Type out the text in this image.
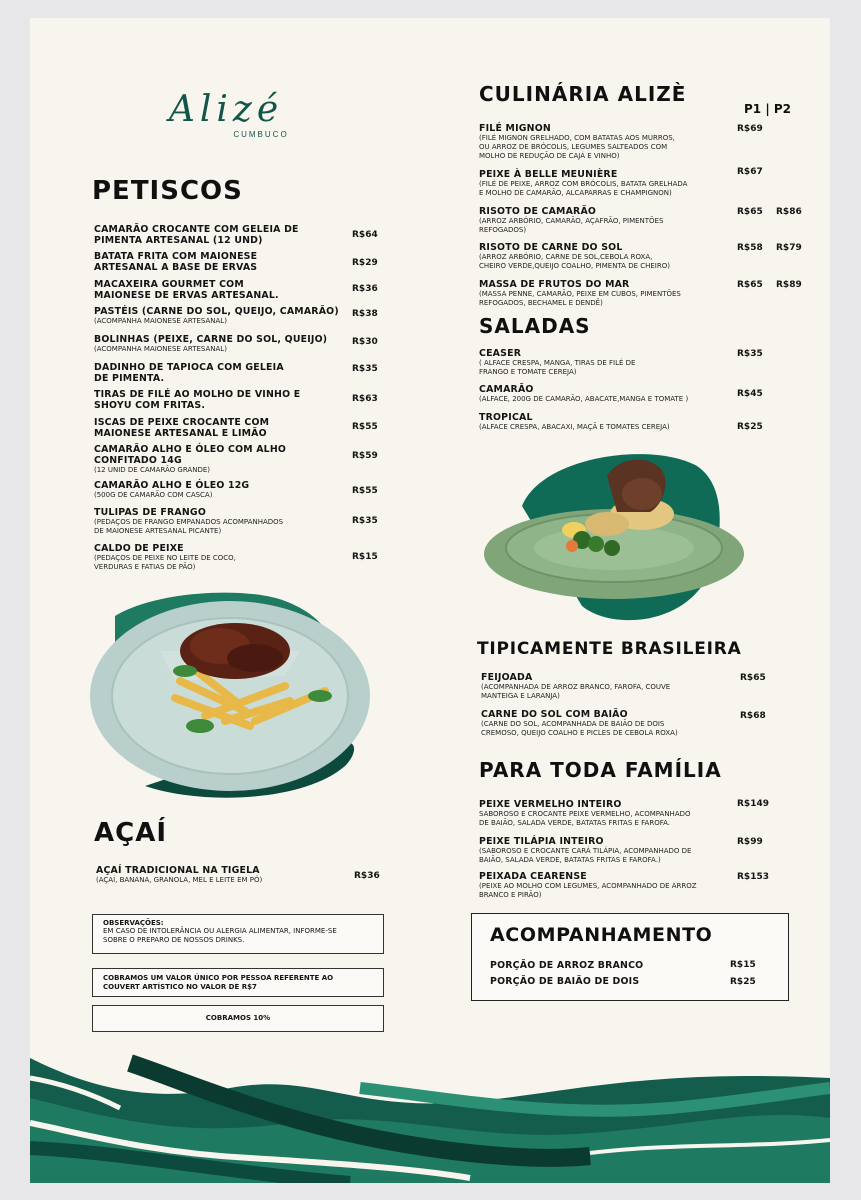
Alizé
CUMBUCO
PETISCOS
CAMARÃO CROCANTE COM GELEIA DE
PIMENTA ARTESANAL (12 UND)	R$64
BATATA FRITA COM MAIONESE
ARTESANAL A BASE DE ERVAS	R$29
MACAXEIRA GOURMET COM
MAIONESE DE ERVAS ARTESANAL.
R$36
PASTÉIS (CARNE DO SOL, QUEIJO, CAMARÃO)
(ACOMPANHA MAIONESE ARTESANAL)
R$38
BOLINHAS (PEIXE, CARNE DO SOL, QUEIJO)
(ACOMPANHA MAIONESE ARTESANAL)
R$30
DADINHO DE TAPIOCA COM GELEIA
DE PIMENTA.
R$35
TIRAS DE FILÉ AO MOLHO DE VINHO E
SHOYU COM FRITAS.
R$63
ISCAS DE PEIXE CROCANTE COM
MAIONESE ARTESANAL E LIMÃO
R$55
CAMARÃO ALHO E ÓLEO COM ALHO
CONFITADO 14G
(12 UNID DE CAMARÃO GRANDE)
R$59
CAMARÃO ALHO E ÓLEO 12G
(500G DE CAMARÃO COM CASCA)	R$55
TULIPAS DE FRANGO
(PEDAÇOS DE FRANGO EMPANADOS ACOMPANHADOS
DE MAIONESE ARTESANAL PICANTE)
R$35
CALDO DE PEIXE
(PEDAÇOS DE PEIXE NO LEITE DE COCO,
VERDURAS E FATIAS DE PÃO)
R$15
AÇAÍ
AÇAÍ TRADICIONAL NA TIGELA
(AÇAÍ, BANANA, GRANOLA, MEL E LEITE EM PÓ)	R$36
OBSERVAÇÕES:
EM CASO DE INTOLERÂNCIA OU ALERGIA ALIMENTAR, INFORME-SE
SOBRE O PREPARO DE NOSSOS DRINKS.
COBRAMOS UM VALOR ÚNICO POR PESSOA REFERENTE AO
COUVERT ARTÍSTICO NO VALOR DE R$7
COBRAMOS 10%
CULINÁRIA ALIZÈ
P1 | P2
FILÉ MIGNON
(FILÉ MIGNON GRELHADO, COM BATATAS AOS MURROS,
OU ARROZ DE BRÓCOLIS, LEGUMES SALTEADOS COM
MOLHO DE REDUÇÃO DE CAJÁ E VINHO)
R$69
PEIXE À BELLE MEUNIÈRE
(FILÉ DE PEIXE, ARROZ COM BRÓCOLIS, BATATA GRELHADA
E MOLHO DE CAMARÃO, ALCAPARRAS E CHAMPIGNON)
R$67
RISOTO DE CAMARÃO
(ARROZ ARBÓRIO, CAMARÃO, AÇAFRÃO, PIMENTÕES
REFOGADOS)
R$65 R$86
RISOTO DE CARNE DO SOL
(ARROZ ARBÓRIO, CARNE DE SOL,CEBOLA ROXA,
CHEIRO VERDE,QUEIJO COALHO, PIMENTA DE CHEIRO)
R$58 R$79
MASSA DE FRUTOS DO MAR
(MASSA PENNE, CAMARÃO, PEIXE EM CUBOS, PIMENTÕES
REFOGADOS, BECHAMEL E DENDÊ)
R$65 R$89
SALADAS
CEASER
( ALFACE CRESPA, MANGA, TIRAS DE FILÉ DE
FRANGO E TOMATE CEREJA)
R$35
CAMARÃO
(ALFACE, 200G DE CAMARÃO, ABACATE,MANGA E TOMATE )	R$45
TROPICAL
(ALFACE CRESPA, ABACAXI, MAÇÃ E TOMATES CEREJA)	R$25
TIPICAMENTE BRASILEIRA
FEIJOADA
(ACOMPANHADA DE ARROZ BRANCO, FAROFA, COUVE
MANTEIGA E LARANJA)
R$65
CARNE DO SOL COM BAIÃO
(CARNE DO SOL, ACOMPANHADA DE BAIÃO DE DOIS
CREMOSO, QUEIJO COALHO E PICLES DE CEBOLA ROXA)
R$68
PARA TODA FAMÍLIA
PEIXE VERMELHO INTEIRO
SABOROSO E CROCANTE PEIXE VERMELHO, ACOMPANHADO
DE BAIÃO, SALADA VERDE, BATATAS FRITAS E FAROFA.
R$149
PEIXE TILÁPIA INTEIRO
(SABOROSO E CROCANTE CARÁ TILÁPIA, ACOMPANHADO DE
BAIÃO, SALADA VERDE, BATATAS FRITAS E FAROFA.)
R$99
PEIXADA CEARENSE
(PEIXE AO MOLHO COM LEGUMES, ACOMPANHADO DE ARROZ
BRANCO E PIRÃO)
R$153
ACOMPANHAMENTO
PORÇÃO DE ARROZ BRANCO	R$15
PORÇÃO DE BAIÃO DE DOIS	R$25
